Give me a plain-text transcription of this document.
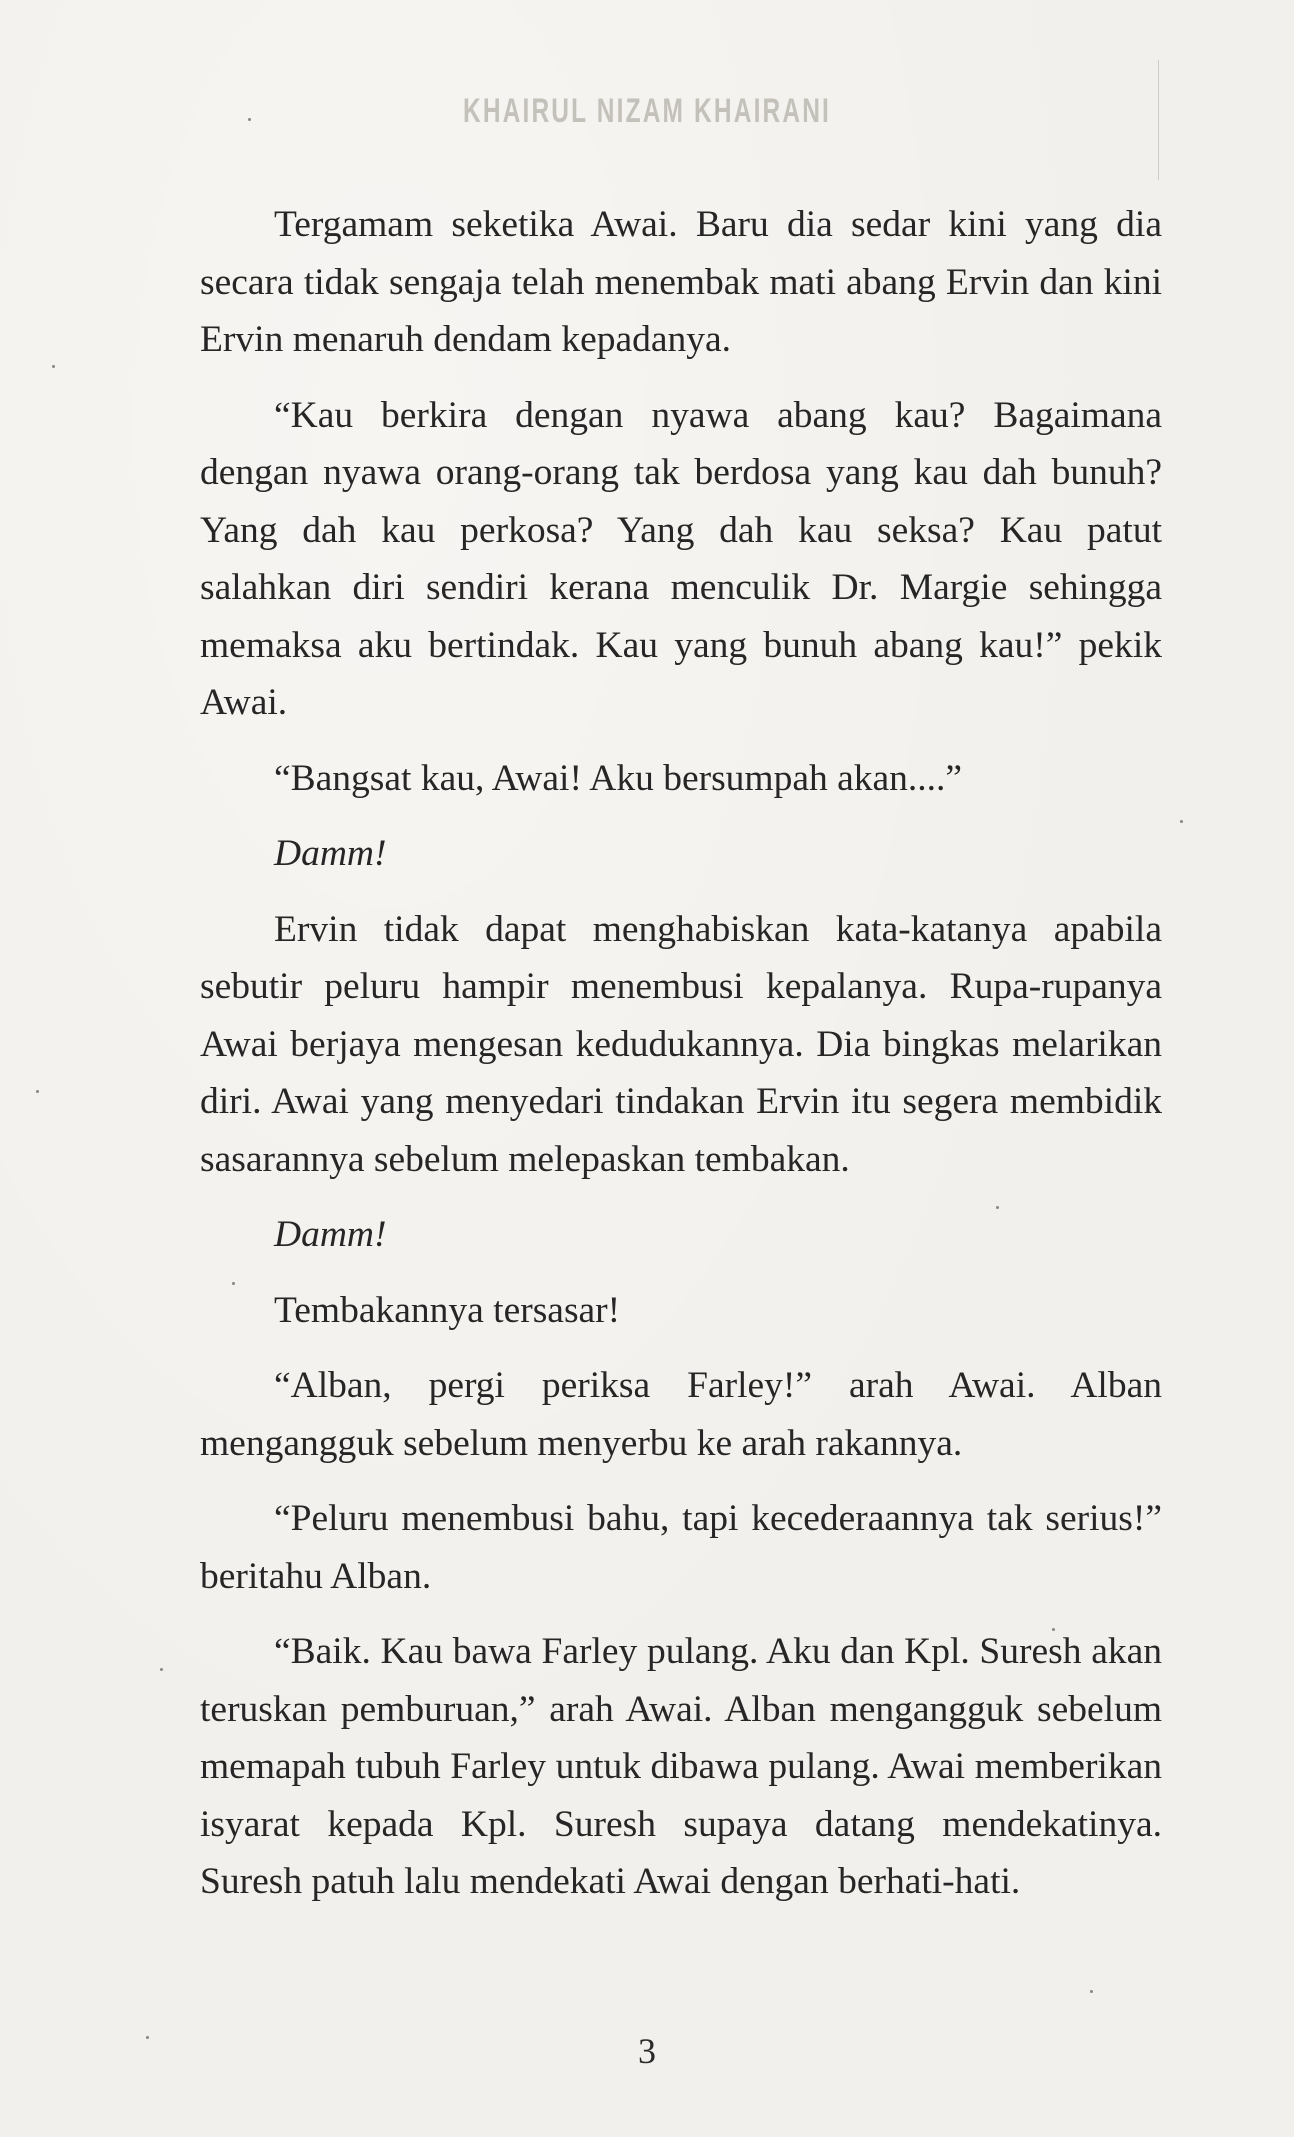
KHAIRUL NIZAM KHAIRANI

Tergamam seketika Awai. Baru dia sedar kini yang dia secara tidak sengaja telah menembak mati abang Ervin dan kini Ervin menaruh dendam kepadanya.

“Kau berkira dengan nyawa abang kau? Bagaimana dengan nyawa orang-orang tak berdosa yang kau dah bunuh? Yang dah kau perkosa? Yang dah kau seksa? Kau patut salahkan diri sendiri kerana menculik Dr. Margie sehingga memaksa aku bertindak. Kau yang bunuh abang kau!” pekik Awai.

“Bangsat kau, Awai! Aku bersumpah akan....”

Damm!

Ervin tidak dapat menghabiskan kata-katanya apabila sebutir peluru hampir menembusi kepalanya. Rupa-rupanya Awai berjaya mengesan kedudukannya. Dia bingkas melarikan diri. Awai yang menyedari tindakan Ervin itu segera membidik sasarannya sebelum melepaskan tembakan.

Damm!

Tembakannya tersasar!

“Alban, pergi periksa Farley!” arah Awai. Alban mengangguk sebelum menyerbu ke arah rakannya.

“Peluru menembusi bahu, tapi kecederaannya tak serius!” beritahu Alban.

“Baik. Kau bawa Farley pulang. Aku dan Kpl. Suresh akan teruskan pemburuan,” arah Awai. Alban mengangguk sebelum memapah tubuh Farley untuk dibawa pulang. Awai memberikan isyarat kepada Kpl. Suresh supaya datang mendekatinya. Suresh patuh lalu mendekati Awai dengan berhati-hati.

3
